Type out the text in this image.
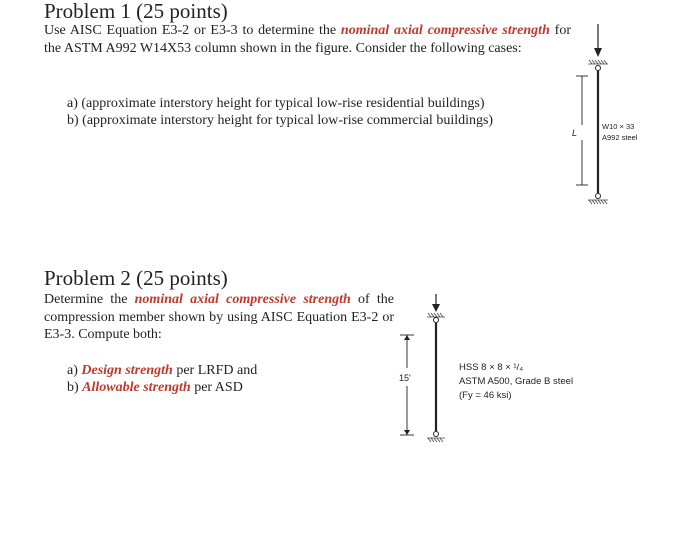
Problem 1 (25 points)
Use AISC Equation E3-2 or E3-3 to determine the nominal axial compressive strength for the ASTM A992 W14X53 column shown in the figure. Consider the following cases:
a) (approximate interstory height for typical low-rise residential buildings)
b) (approximate interstory height for typical low-rise commercial buildings)
L
W10 × 33
A992 steel
Problem 2 (25 points)
Determine the nominal axial compressive strength of the compression member shown by using AISC Equation E3-2 or E3-3. Compute both:
a) Design strength per LRFD and
b) Allowable strength per ASD
15'
HSS 8 × 8 × ¹/₄
ASTM A500, Grade B steel
(Fy = 46 ksi)
